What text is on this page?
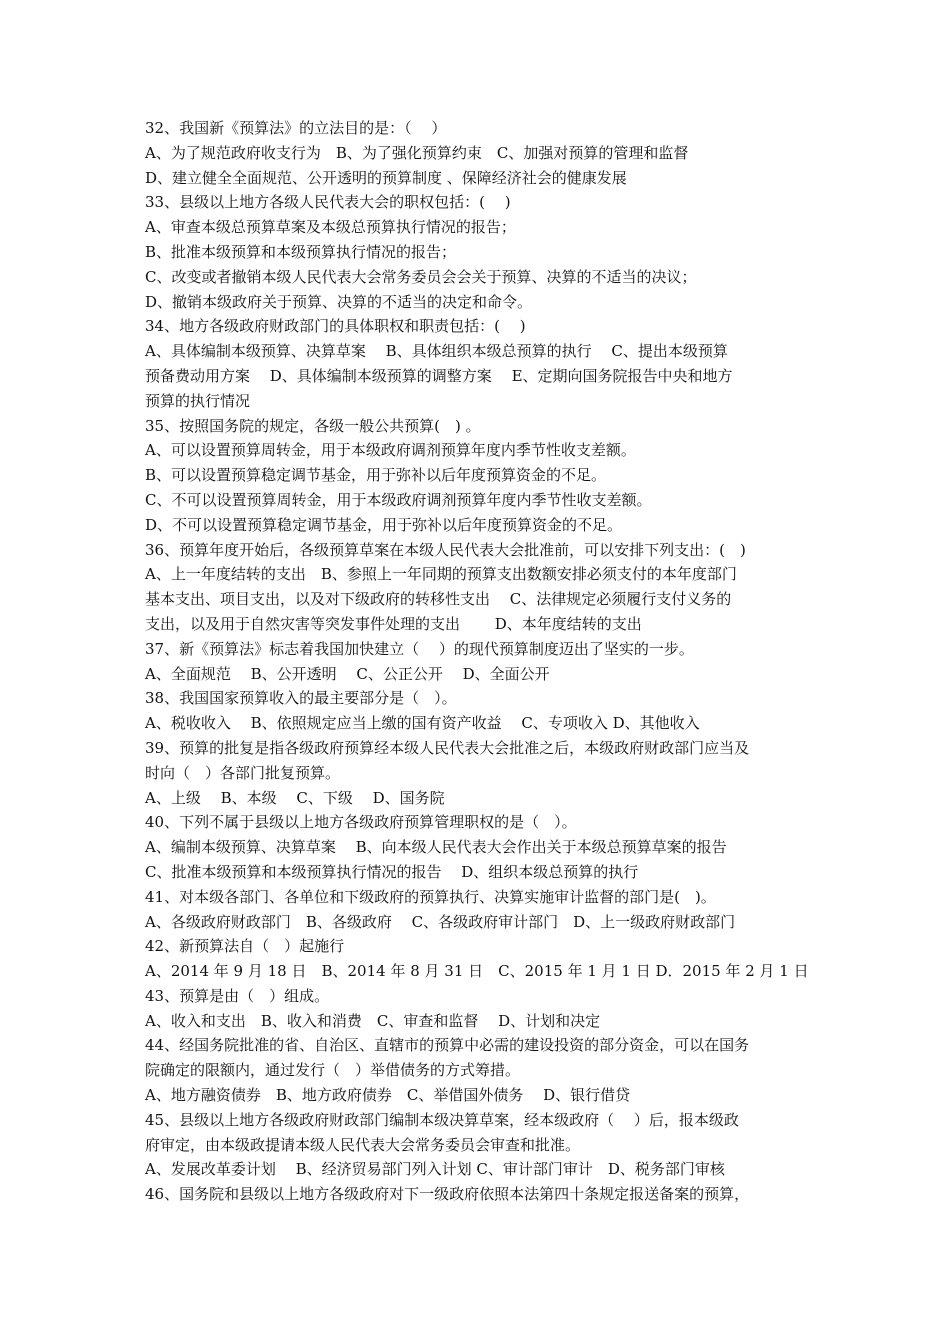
32、我国新《预算法》的立法目的是：（　 ）
A、为了规范政府收支行为　B、为了强化预算约束　C、加强对预算的管理和监督
D、建立健全全面规范、公开透明的预算制度 、保障经济社会的健康发展
33、县级以上地方各级人民代表大会的职权包括：(　 )
A、审查本级总预算草案及本级总预算执行情况的报告；
B、批准本级预算和本级预算执行情况的报告；
C、改变或者撤销本级人民代表大会常务委员会会关于预算、决算的不适当的决议；
D、撤销本级政府关于预算、决算的不适当的决定和命令。
34、地方各级政府财政部门的具体职权和职责包括：(　 )
A、具体编制本级预算、决算草案　 B、具体组织本级总预算的执行　 C、提出本级预算
预备费动用方案　 D、具体编制本级预算的调整方案　 E、定期向国务院报告中央和地方
预算的执行情况
35、按照国务院的规定，各级一般公共预算(　) 。
A、可以设置预算周转金，用于本级政府调剂预算年度内季节性收支差额。
B、可以设置预算稳定调节基金，用于弥补以后年度预算资金的不足。
C、不可以设置预算周转金，用于本级政府调剂预算年度内季节性收支差额。
D、不可以设置预算稳定调节基金，用于弥补以后年度预算资金的不足。
36、预算年度开始后，各级预算草案在本级人民代表大会批准前，可以安排下列支出：(　)
A、上一年度结转的支出　B、参照上一年同期的预算支出数额安排必须支付的本年度部门
基本支出、项目支出，以及对下级政府的转移性支出　 C、法律规定必须履行支付义务的
支出，以及用于自然灾害等突发事件处理的支出　　 D、本年度结转的支出
37、新《预算法》标志着我国加快建立（　 ）的现代预算制度迈出了坚实的一步。
A、全面规范　 B、公开透明　 C、公正公开　 D、全面公开
38、我国国家预算收入的最主要部分是（　）。
A、税收收入　 B、依照规定应当上缴的国有资产收益　 C、专项收入 D、其他收入
39、预算的批复是指各级政府预算经本级人民代表大会批准之后，本级政府财政部门应当及
时向（　）各部门批复预算。
A、上级　 B、本级　 C、下级　 D、国务院
40、下列不属于县级以上地方各级政府预算管理职权的是（　）。
A、编制本级预算、决算草案　 B、向本级人民代表大会作出关于本级总预算草案的报告
C、批准本级预算和本级预算执行情况的报告　 D、组织本级总预算的执行
41、对本级各部门、各单位和下级政府的预算执行、决算实施审计监督的部门是(　)。
A、各级政府财政部门　B、各级政府　 C、各级政府审计部门　D、上一级政府财政部门
42、新预算法自（　）起施行
A、2014 年 9 月 18 日　B、2014 年 8 月 31 日　C、2015 年 1 月 1 日 D．2015 年 2 月 1 日
43、预算是由（　）组成。
A、收入和支出　B、收入和消费　C、审查和监督　 D、计划和决定
44、经国务院批准的省、自治区、直辖市的预算中必需的建设投资的部分资金，可以在国务
院确定的限额内，通过发行（　）举借债务的方式筹措。
A、地方融资债券　B、地方政府债券　C、举借国外债务　 D、银行借贷
45、县级以上地方各级政府财政部门编制本级决算草案，经本级政府（　 ）后，报本级政
府审定，由本级政提请本级人民代表大会常务委员会审查和批准。
A、发展改革委计划　 B、经济贸易部门列入计划 C、审计部门审计　D、税务部门审核
46、国务院和县级以上地方各级政府对下一级政府依照本法第四十条规定报送备案的预算，
